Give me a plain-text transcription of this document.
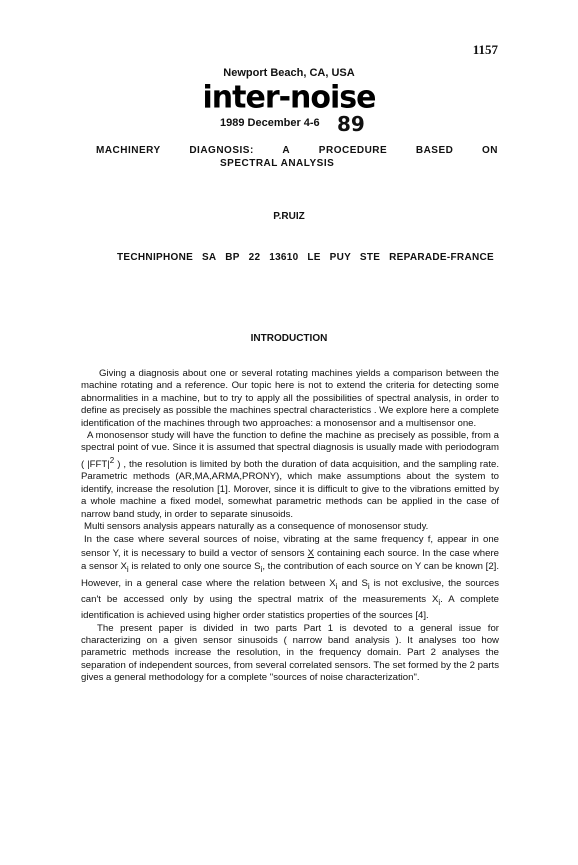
1157
Newport Beach, CA, USA
inter-noise
1989 December 4-6 89
MACHINERY	DIAGNOSIS:	A	PROCEDURE	BASED	ON
SPECTRAL ANALYSIS
P.RUIZ
TECHNIPHONE SA BP 22 13610 LE PUY STE REPARADE-FRANCE
INTRODUCTION

Giving a diagnosis about one or several rotating machines yields a comparison between the machine rotating and a reference. Our topic here is not to extend the criteria for detecting some abnormalities in a machine, but to try to apply all the possibilities of spectral analysis, in order to define as precisely as possible the machines spectral characteristics . We explore here a complete identification of the machines through two approaches: a monosensor and a multisensor one.

A monosensor study will have the function to define the machine as precisely as possible, from a spectral point of vue. Since it is assumed that spectral diagnosis is usually made with periodogram ( $|FFT|^2$ ) , the resolution is limited by both the duration of data acquisition, and the sampling rate. Parametric methods (AR,MA,ARMA,PRONY), which make assumptions about the system to identify, increase the resolution [1]. Morover, since it is difficult to give to the vibrations emitted by a whole machine a fixed model, somewhat parametric methods can be applied in the case of narrow band study, in order to separate sinusoids.

Multi sensors analysis appears naturally as a consequence of monosensor study.

In the case where several sources of noise, vibrating at the same frequency f, appear in one sensor Y, it is necessary to build a vector of sensors X containing each source. In the case where a sensor $X_i$ is related to only one source $S_i$, the contribution of each source on Y can be known [2]. However, in a general case where the relation between $X_i$ and $S_i$ is not exclusive, the sources can't be accessed only by using the spectral matrix of the measurements $X_i$. A complete identification is achieved using higher order statistics properties of the sources [4].

The present paper is divided in two parts Part 1 is devoted to a general issue for characterizing on a given sensor sinusoids ( narrow band analysis ). It analyses too how parametric methods increase the resolution, in the frequency domain. Part 2 analyses the separation of independent sources, from several correlated sensors. The set formed by the 2 parts gives a general methodology for a complete "sources of noise characterization".
